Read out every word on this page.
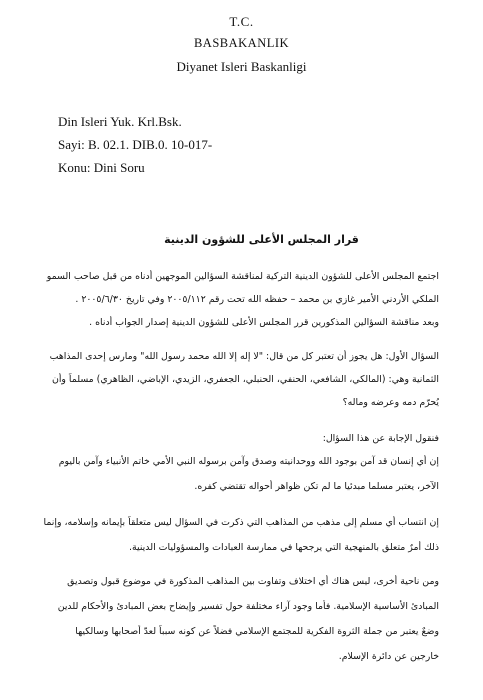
T.C.
BASBAKANLIK
Diyanet Isleri Baskanligi
Din Isleri Yuk. Krl.Bsk.
Sayi: B. 02.1. DIB.0. 10-017-
Konu: Dini Soru
قرار المجلس الأعلى للشؤون الدينية
اجتمع المجلس الأعلى للشؤون الدينية التركية لمناقشة السؤالين الموجهين أدناه من قبل صاحب السمو
الملكي الأردني الأمير غازي بن محمد – حفظه الله تحت رقم ٢٠٠٥/١١٢ وفي تاريخ ٢٠٠٥/٦/٣٠ .
وبعد مناقشة السؤالين المذكورين قرر المجلس الأعلى للشؤون الدينية إصدار الجواب أدناه .
السؤال الأول: هل يجوز أن تعتبر كل من قال: "لا إله إلا الله محمد رسول الله" ومارس إحدى المذاهب
الثمانية وهي: (المالكي، الشافعي، الحنفي، الحنبلي، الجعفري، الزيدي، الإباضي، الظاهري) مسلماً وأن
يُحرّم دمه وعرضه وماله؟
فنقول الإجابة عن هذا السؤال:
إن أي إنسان قد آمن بوجود الله ووحدانيته وصدق وآمن برسوله النبي الأمي خاتم الأنبياء وآمن باليوم
الآخر، يعتبر مسلما مبدئيا ما لم تكن ظواهر أحواله تقتضي كفره.
إن انتساب أي مسلم إلى مذهب من المذاهب التي ذكرت في السؤال ليس متعلقاً بإيمانه وإسلامه، وإنما
ذلك أمرٌ متعلق بالمنهجية التي يرجحها في ممارسة العبادات والمسؤوليات الدينية.
ومن ناحية أخرى، ليس هناك أي اختلاف وتفاوت بين المذاهب المذكورة في موضوع قبول وتصديق
المبادئ الأساسية الإسلامية. فأما وجود آراء مختلفة حول تفسير وإيضاح بعض المبادئ والأحكام للدين
وضعٌ يعتبر من جملة الثروة الفكرية للمجتمع الإسلامي فضلاً عن كونه سبباً لعدّ أصحابها وسالكيها
خارجين عن دائرة الإسلام.
